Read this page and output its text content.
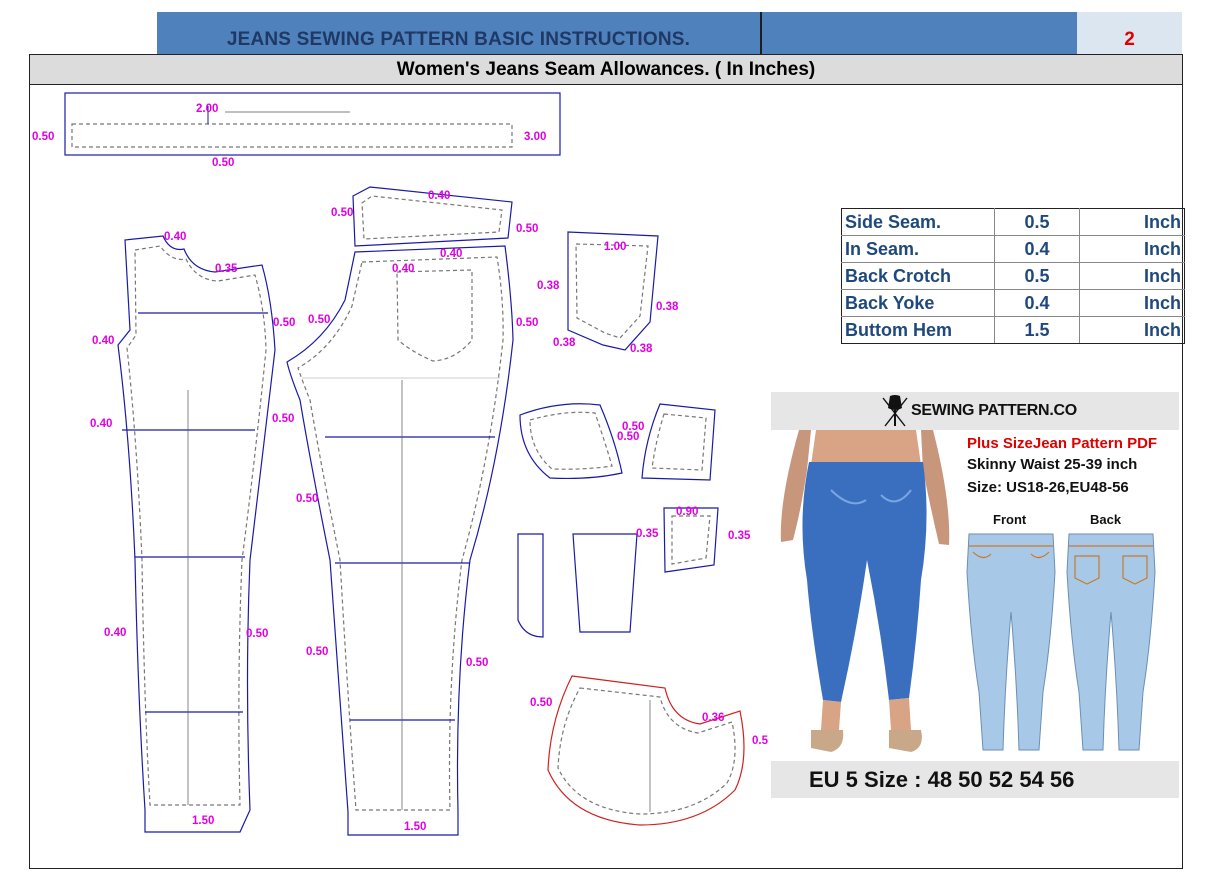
JEANS SEWING PATTERN BASIC INSTRUCTIONS.	2
Women's Jeans Seam Allowances. ( In Inches)
2.00
0.50	3.00
0.50
0.40
0.35
0.40
0.50
0.40
0.40	0.50
1.50
0.40
0.50
0.50
0.40
0.40
0.50	0.50
0.50
0.50
0.50
0.50
1.50
1.00
0.38
0.38
0.38	0.38
0.50
0.50
0.90
0.35	0.35
0.50
0.36
0.5
Side Seam.	0.5	Inch
In Seam.	0.4	Inch
Back Crotch	0.5	Inch
Back Yoke	0.4	Inch
Buttom Hem	1.5	Inch
SEWING PATTERN.CO
Plus SizeJean Pattern PDF
Skinny Waist 25-39 inch
Size: US18-26,EU48-56
Front	Back
EU 5 Size : 48 50 52 54 56
